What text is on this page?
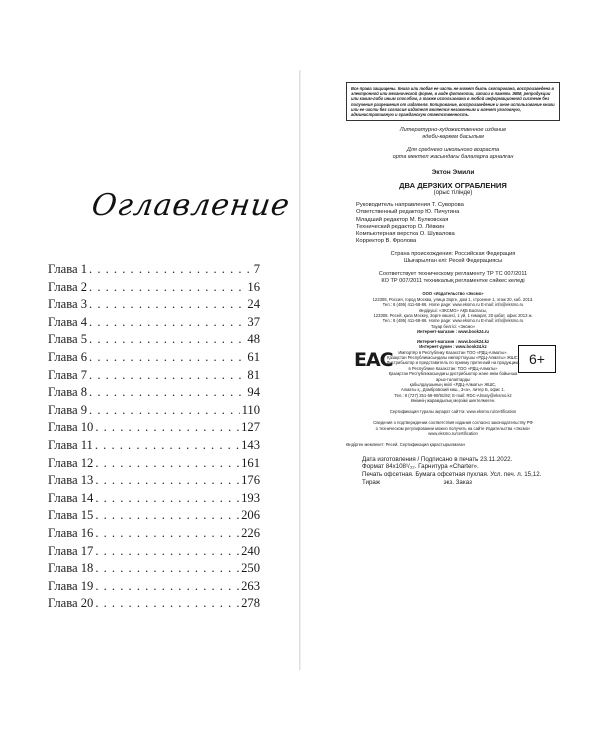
Оглавление
Глава 1 . . .	7
Глава 2 . . .	16
Глава 3 . . .	24
Глава 4 . . .	37
Глава 5 . . .	48
Глава 6 . . .	61
Глава 7 . . .	81
Глава 8 . . .	94
Глава 9 . . .	110
Глава 10 . . .	127
Глава 11 . . .	143
Глава 12 . . .	161
Глава 13 . . .	176
Глава 14 . . .	193
Глава 15 . . .	206
Глава 16 . . .	226
Глава 17 . . .	240
Глава 18 . . .	250
Глава 19 . . .	263
Глава 20 . . .	278
Все права защищены. Книга или любая ее часть не может быть скопирована, воспроизведена в электронной или механической форме, в виде фотокопии, записи в память ЭВМ, репродукции или каким-либо иным способом, а также использована в любой информационной системе без получения разрешения от издателя. Копирование, воспроизведение и иное использование книги или ее части без согласия издателя является незаконным и влечет уголовную, административную и гражданскую ответственность.
Литературно-художественное издание
әдеби-көркем басылым
Для среднего школьного возраста
орта мектеп жасындағы балаларға арналған
Эктон Эмили
ДВА ДЕРЗКИХ ОГРАБЛЕНИЯ
(орыс тілінде)
Руководитель направления Т. Суворова
Ответственный редактор Ю. Пичугина
Младший редактор М. Булковская
Технический редактор О. Лёвкин
Компьютерная верстка О. Шувалова
Корректор В. Фролова
Страна происхождения: Российская Федерация
Шығарылған елі: Ресей Федерациясы
Соответствует техническому регламенту ТР ТС 007/2011
КО ТР 007/2011 техникалық регламентке сәйкес келеді
ООО «Издательство «Эксмо»
123308, Россия, город Москва, улица Зорге, дом 1, строение 1, этаж 20, каб. 2013.
Тел.: 8 (495) 411-68-86. Home page: www.eksmo.ru E-mail: info@eksmo.ru
Өндіруші: «ЭКСМО» АҚБ Баспасы,
123308, Ресей, қала Мәскеу, Зорге көшесі, 1 үй, 1 ғимарат, 20 қабат, офис 2013 ж.
Тел.: 8 (495) 411-68-86. Home page: www.eksmo.ru E-mail: info@eksmo.ru
Тауар белгісі: «Эксмо»
Интернет-магазин : www.book24.ru
EAC
Интернет-магазин : www.book24.kz
Интернет-дүкен : www.book24.kz
Импортёр в Республику Казахстан ТОО «РДЦ-Алматы».
Қазақстан Республикасындағы импорттаушы «РДЦ-Алматы» ЖШС.
Дистрибьютор и представитель по приему претензий на продукцию,
в Республике Казахстан: ТОО «РДЦ-Алматы»
Қазақстан Республикасындағы дистрибьютор және өнім бойынша арыз-талаптарды
қабылдаушының өкілі «РДЦ-Алматы» ЖШС,
Алматы қ., Домбровский көш., 3«а», литер Б, офис 1.
Тел.: 8 (727) 251-59-90/91/92; E-mail: RDC-Almaty@eksmo.kz
Өнімнің жарамдылық мерзімі шектелмеген.
6+
Сертификация туралы ақпарат сайтта: www.eksmo.ru/certification
Сведения о подтверждении соответствия издания согласно законодательству РФ
о техническом регулировании можно получить на сайте Издательства «Эксмо»
www.eksmo.ru/certification
Өндірген мемлекет: Ресей. Сертификация қарастырылмаған
Дата изготовления / Подписано в печать 23.11.2022.
Формат 84x108¹/₃₂. Гарнитура «Charter».
Печать офсетная. Бумага офсетная пухлая. Усл. печ. л. 15,12.
Тираж	экз. Заказ
